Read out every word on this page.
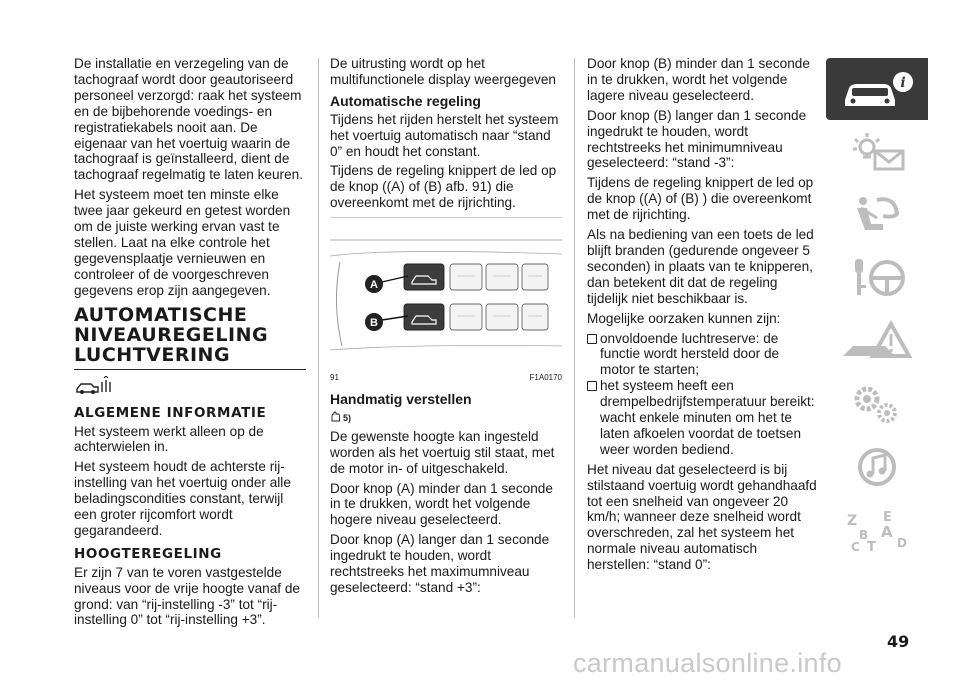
De installatie en verzegeling van de tachograaf wordt door geautoriseerd personeel verzorgd: raak het systeem en de bijbehorende voedings- en registratiekabels nooit aan. De eigenaar van het voertuig waarin de tachograaf is geïnstalleerd, dient de tachograaf regelmatig te laten keuren.

Het systeem moet ten minste elke twee jaar gekeurd en getest worden om de juiste werking ervan vast te stellen. Laat na elke controle het gegevensplaatje vernieuwen en controleer of de voorgeschreven gegevens erop zijn aangegeven.

AUTOMATISCHE
NIVEAUREGELING
LUCHTVERING
ALGEMENE INFORMATIE

Het systeem werkt alleen op de achterwielen in.

Het systeem houdt de achterste rij-instelling van het voertuig onder alle beladingscondities constant, terwijl een groter rijcomfort wordt gegarandeerd.

HOOGTEREGELING

Er zijn 7 van te voren vastgestelde niveaus voor de vrije hoogte vanaf de grond: van “rij-instelling -3” tot “rij-instelling 0” tot “rij-instelling +3”.

De uitrusting wordt op het multifunctionele display weergegeven

Automatische regeling

Tijdens het rijden herstelt het systeem het voertuig automatisch naar “stand 0” en houdt het constant.

Tijdens de regeling knippert de led op de knop ((A) of (B) afb. 91) die overeenkomt met de rijrichting.

A
B
91	F1A0170
Handmatig verstellen
5)

De gewenste hoogte kan ingesteld worden als het voertuig stil staat, met de motor in- of uitgeschakeld.

Door knop (A) minder dan 1 seconde in te drukken, wordt het volgende hogere niveau geselecteerd.

Door knop (A) langer dan 1 seconde ingedrukt te houden, wordt rechtstreeks het maximumniveau geselecteerd: “stand +3”:

Door knop (B) minder dan 1 seconde in te drukken, wordt het volgende lagere niveau geselecteerd.

Door knop (B) langer dan 1 seconde ingedrukt te houden, wordt rechtstreeks het minimumniveau geselecteerd: “stand -3”:

Tijdens de regeling knippert de led op de knop ((A) of (B) ) die overeenkomt met de rijrichting.

Als na bediening van een toets de led blijft branden (gedurende ongeveer 5 seconden) in plaats van te knipperen, dan betekent dit dat de regeling tijdelijk niet beschikbaar is.

Mogelijke oorzaken kunnen zijn:

onvoldoende luchtreserve: de functie wordt hersteld door de motor te starten;
het systeem heeft een drempelbedrijfstemperatuur bereikt: wacht enkele minuten om het te laten afkoelen voordat de toetsen weer worden bediend.

Het niveau dat geselecteerd is bij stilstaand voertuig wordt gehandhaafd tot een snelheid van ongeveer 20 km/h; wanneer deze snelheid wordt overschreden, zal het systeem het normale niveau automatisch herstellen: “stand 0”:

i
Z E
B A
C T D
49
carmanualsonline.info
